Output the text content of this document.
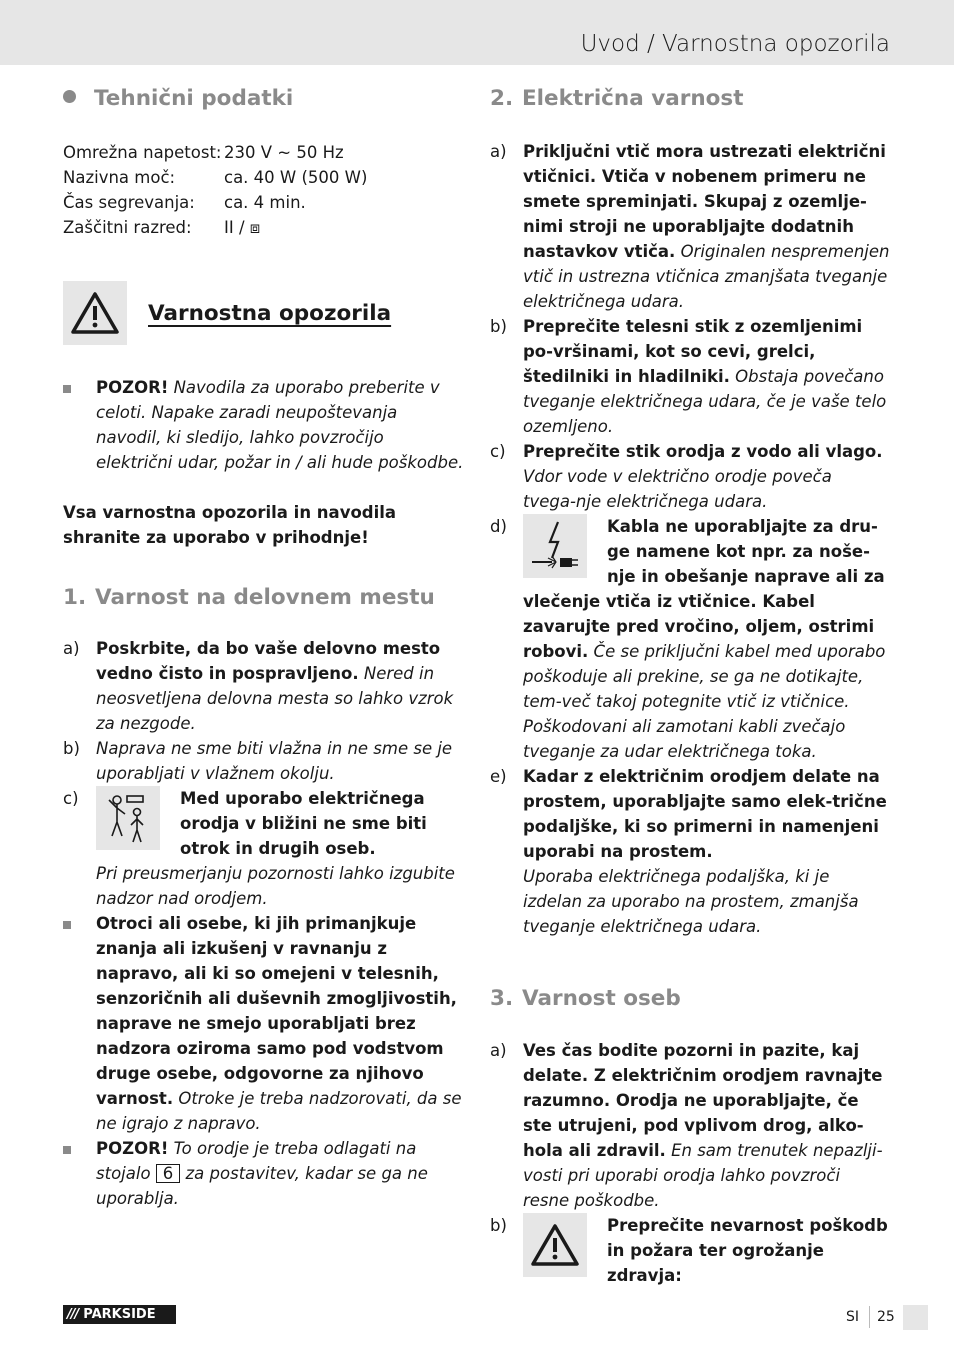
Uvod / Varnostna opozorila
Tehnični podatki
Omrežna napetost:	230 V ~ 50 Hz
Nazivna moč:	ca. 40 W (500 W)
Čas segrevanja:	ca. 4 min.
Zaščitni razred:	II / ⧈
Varnostna opozorila
POZOR! Navodila za uporabo preberite v celoti. Napake zaradi neupoštevanja navodil, ki sledijo, lahko povzročijo električni udar, požar in / ali hude poškodbe.

Vsa varnostna opozorila in navodila shranite za uporabo v prihodnje!

1. Varnost na delovnem mestu
a) Poskrbite, da bo vaše delovno mesto vedno čisto in pospravljeno. Nered in neosvetljena delovna mesta so lahko vzrok za nezgode.
b) Naprava ne sme biti vlažna in ne sme se je uporabljati v vlažnem okolju.
c)	Med uporabo električnega orodja v bližini ne sme biti otrok in drugih oseb.
Pri preusmerjanju pozornosti lahko izgubite nadzor nad orodjem.
Otroci ali osebe, ki jih primanjkuje znanja ali izkušenj v ravnanju z napravo, ali ki so omejeni v telesnih, senzoričnih ali duševnih zmogljivostih, naprave ne smejo uporabljati brez nadzora oziroma samo pod vodstvom druge osebe, odgovorne za njihovo varnost. Otroke je treba nadzorovati, da se ne igrajo z napravo.
POZOR! To orodje je treba odlagati na stojalo 6 za postavitev, kadar se ga ne uporablja.
2. Električna varnost
a) Priključni vtič mora ustrezati električni vtičnici. Vtiča v nobenem primeru ne smete spreminjati. Skupaj z ozemlje-nimi stroji ne uporabljajte dodatnih nastavkov vtiča. Originalen nespremenjen vtič in ustrezna vtičnica zmanjšata tveganje električnega udara.
b) Preprečite telesni stik z ozemljenimi po-vršinami, kot so cevi, grelci, štedilniki in hladilniki. Obstaja povečano tveganje električnega udara, če je vaše telo ozemljeno.
c)	Preprečite stik orodja z vodo ali vlago.
Vdor vode v električno orodje poveča tvega-nje električnega udara.
d)	Kabla ne uporabljajte za dru-ge namene kot npr. za noše-nje in obešanje naprave ali za vlečenje vtiča iz vtičnice. Kabel zavarujte pred vročino, oljem, ostrimi robovi. Če se priključni kabel med uporabo poškoduje ali prekine, se ga ne dotikajte, tem-več takoj potegnite vtič iz vtičnice. Poškodovani ali zamotani kabli zvečajo tveganje za udar električnega toka.
e) Kadar z električnim orodjem delate na prostem, uporabljajte samo elek-trične podaljške, ki so primerni in namenjeni uporabi na prostem.
Uporaba električnega podaljška, ki je izdelan za uporabo na prostem, zmanjša tveganje električnega udara.
3. Varnost oseb
a) Ves čas bodite pozorni in pazite, kaj delate. Z električnim orodjem ravnajte razumno. Orodja ne uporabljajte, če ste utrujeni, pod vplivom drog, alko-hola ali zdravil. En sam trenutek nepazlji-vosti pri uporabi orodja lahko povzroči resne poškodbe.
b)	Preprečite nevarnost poškodb in požara ter ogrožanje zdravja:
/// PARKSIDE	SI 25
